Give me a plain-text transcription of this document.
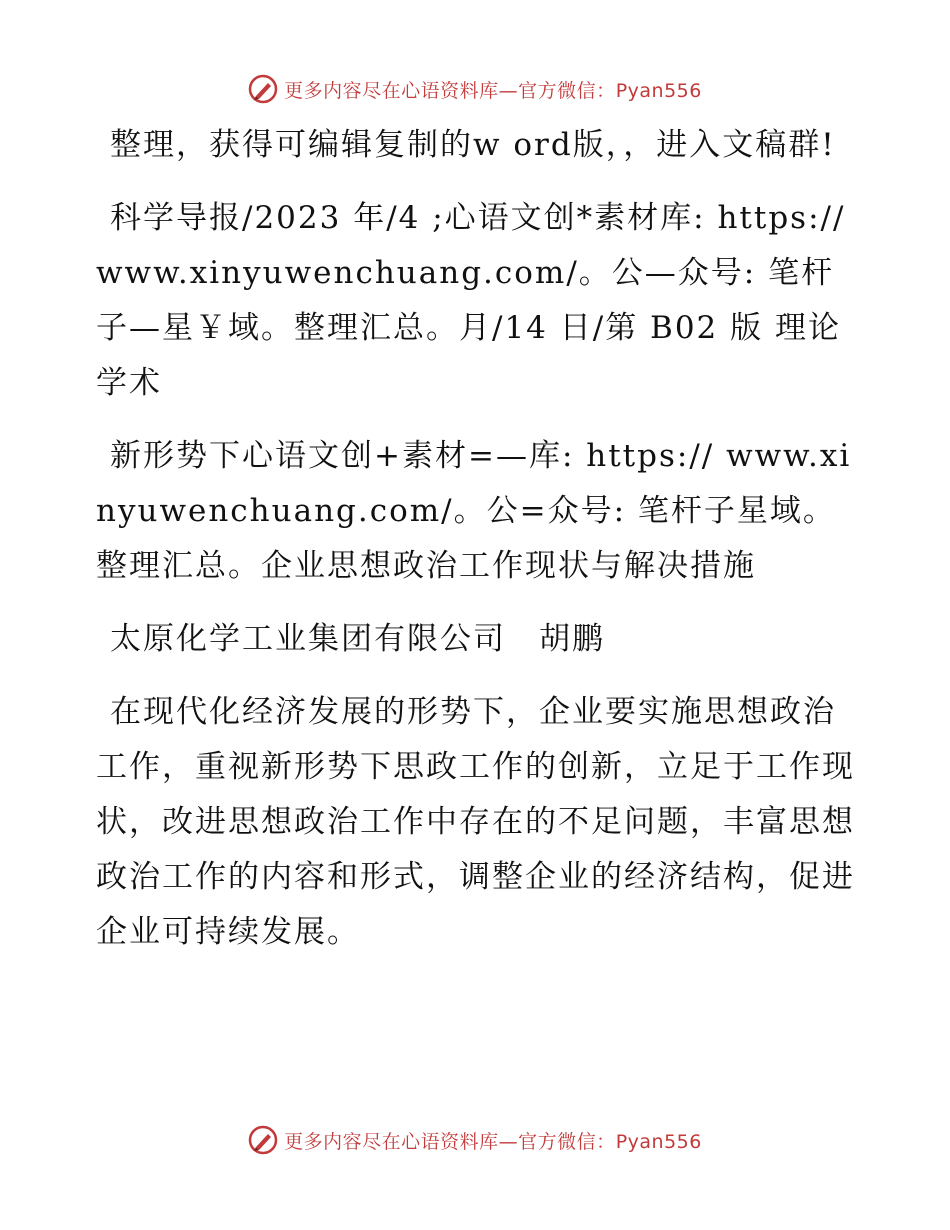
更多内容尽在心语资料库—官方微信：Pyan556

整理，获得可编辑复制的w ord版，，进入文稿群!

科学导报/2023 年/4 ;心语文创*素材库: https://www.xinyuwenchuang.com/。公—众号: 笔杆子—星￥域。整理汇总。月/14 日/第 B02 版 理论学术

新形势下心语文创+素材=—库: https:// www.xinyuwenchuang.com/。公=众号: 笔杆子星域。整理汇总。企业思想政治工作现状与解决措施

太原化学工业集团有限公司　胡鹏

在现代化经济发展的形势下，企业要实施思想政治工作，重视新形势下思政工作的创新，立足于工作现状，改进思想政治工作中存在的不足问题，丰富思想政治工作的内容和形式，调整企业的经济结构，促进企业可持续发展。

更多内容尽在心语资料库—官方微信：Pyan556
